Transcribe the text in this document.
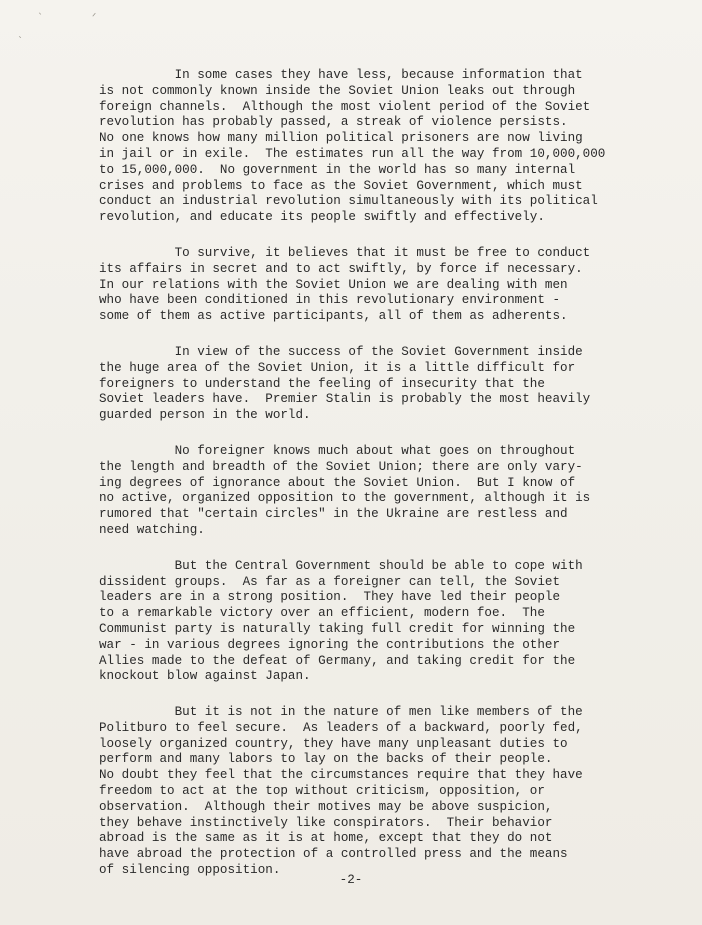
ˋ
ˎ
ᐟ
In some cases they have less, because information that
is not commonly known inside the Soviet Union leaks out through
foreign channels.  Although the most violent period of the Soviet
revolution has probably passed, a streak of violence persists.
No one knows how many million political prisoners are now living
in jail or in exile.  The estimates run all the way from 10,000,000
to 15,000,000.  No government in the world has so many internal
crises and problems to face as the Soviet Government, which must
conduct an industrial revolution simultaneously with its political
revolution, and educate its people swiftly and effectively.
To survive, it believes that it must be free to conduct
its affairs in secret and to act swiftly, by force if necessary.
In our relations with the Soviet Union we are dealing with men
who have been conditioned in this revolutionary environment -
some of them as active participants, all of them as adherents.
In view of the success of the Soviet Government inside
the huge area of the Soviet Union, it is a little difficult for
foreigners to understand the feeling of insecurity that the
Soviet leaders have.  Premier Stalin is probably the most heavily
guarded person in the world.
No foreigner knows much about what goes on throughout
the length and breadth of the Soviet Union; there are only vary-
ing degrees of ignorance about the Soviet Union.  But I know of
no active, organized opposition to the government, although it is
rumored that "certain circles" in the Ukraine are restless and
need watching.
But the Central Government should be able to cope with
dissident groups.  As far as a foreigner can tell, the Soviet
leaders are in a strong position.  They have led their people
to a remarkable victory over an efficient, modern foe.  The
Communist party is naturally taking full credit for winning the
war - in various degrees ignoring the contributions the other
Allies made to the defeat of Germany, and taking credit for the
knockout blow against Japan.
But it is not in the nature of men like members of the
Politburo to feel secure.  As leaders of a backward, poorly fed,
loosely organized country, they have many unpleasant duties to
perform and many labors to lay on the backs of their people.
No doubt they feel that the circumstances require that they have
freedom to act at the top without criticism, opposition, or
observation.  Although their motives may be above suspicion,
they behave instinctively like conspirators.  Their behavior
abroad is the same as it is at home, except that they do not
have abroad the protection of a controlled press and the means
of silencing opposition.
-2-
